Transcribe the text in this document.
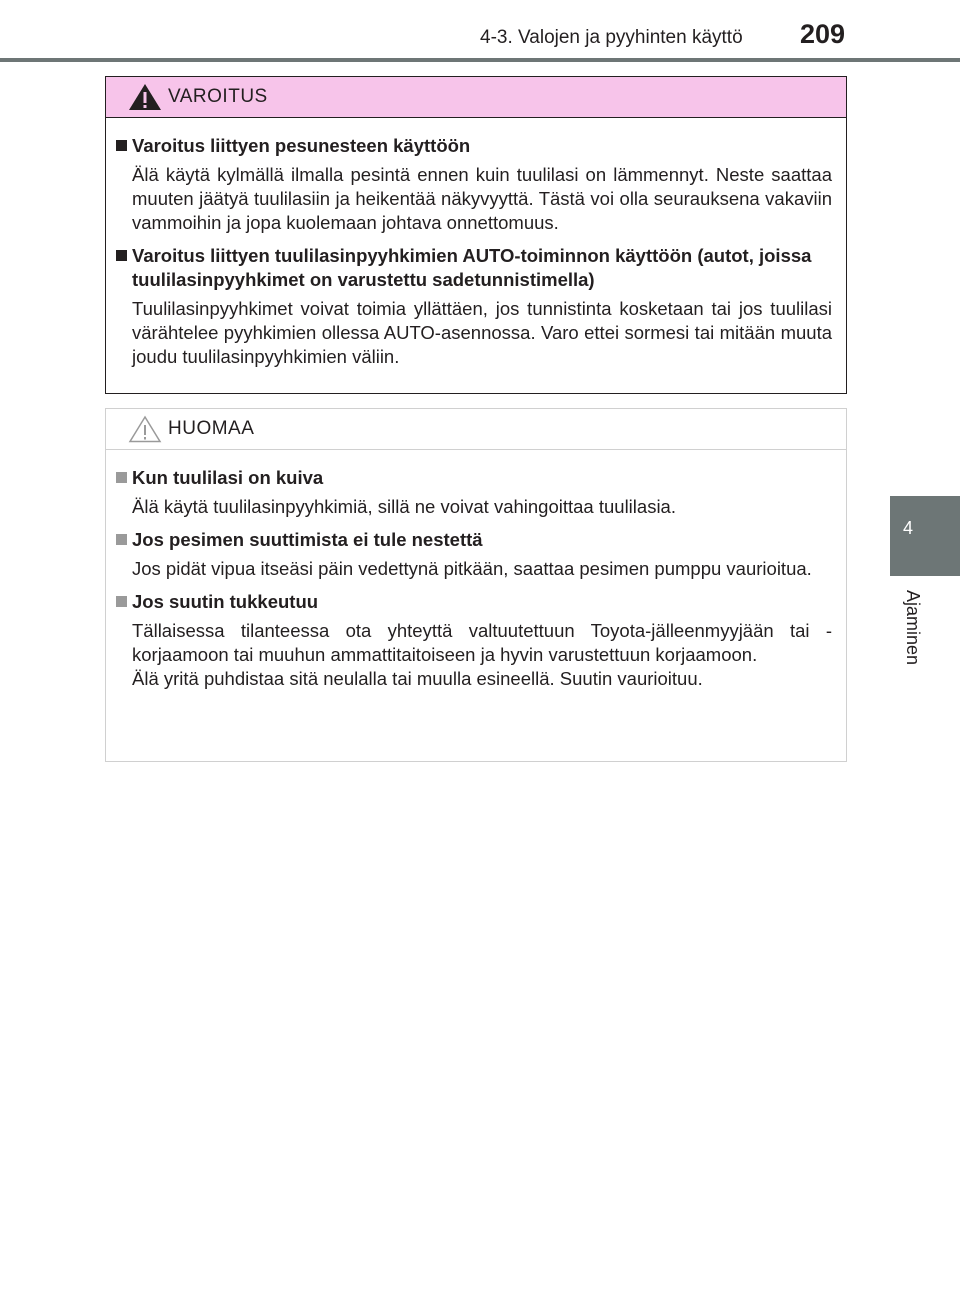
4-3. Valojen ja pyyhinten käyttö	209
4
Ajaminen
VAROITUS
Varoitus liittyen pesunesteen käyttöön
Älä käytä kylmällä ilmalla pesintä ennen kuin tuulilasi on lämmennyt. Neste saattaa muuten jäätyä tuulilasiin ja heikentää näkyvyyttä. Tästä voi olla seurauksena vakaviin vammoihin ja jopa kuolemaan johtava onnettomuus.
Varoitus liittyen tuulilasinpyyhkimien AUTO-toiminnon käyttöön (autot, joissa tuulilasinpyyhkimet on varustettu sadetunnistimella)
Tuulilasinpyyhkimet voivat toimia yllättäen, jos tunnistinta kosketaan tai jos tuulilasi värähtelee pyyhkimien ollessa AUTO-asennossa. Varo ettei sormesi tai mitään muuta joudu tuulilasinpyyhkimien väliin.
HUOMAA
Kun tuulilasi on kuiva
Älä käytä tuulilasinpyyhkimiä, sillä ne voivat vahingoittaa tuulilasia.
Jos pesimen suuttimista ei tule nestettä
Jos pidät vipua itseäsi päin vedettynä pitkään, saattaa pesimen pumppu vaurioitua.
Jos suutin tukkeutuu

Tällaisessa tilanteessa ota yhteyttä valtuutettuun Toyota-jälleenmyyjään tai -korjaamoon tai muuhun ammattitaitoiseen ja hyvin varustettuun korjaamoon.

Älä yritä puhdistaa sitä neulalla tai muulla esineellä. Suutin vaurioituu.
